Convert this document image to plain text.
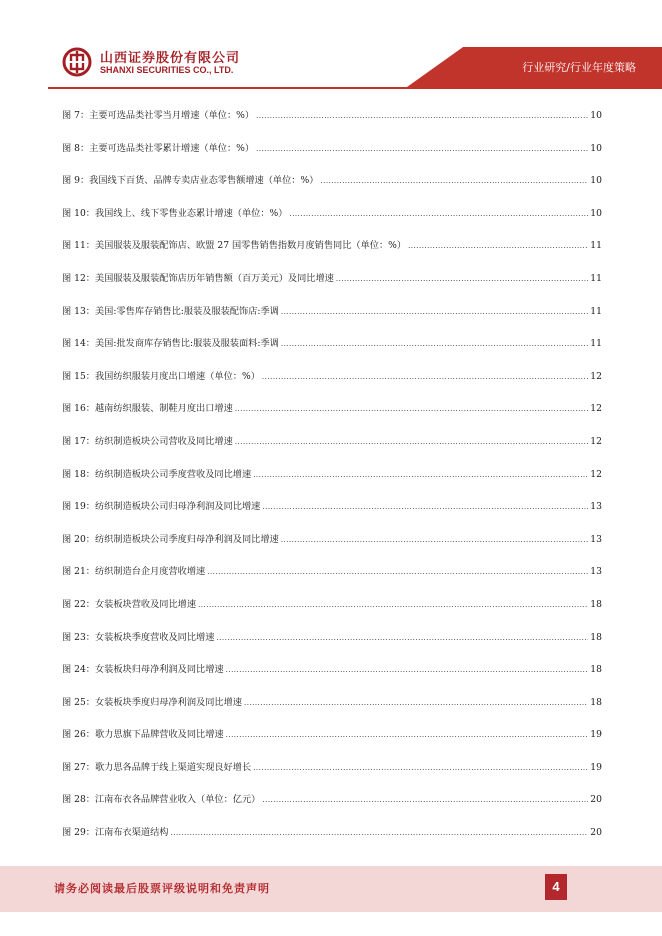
山西证券股份有限公司
SHANXI SECURITIES CO., LTD.	行业研究/行业年度策略
图 7： 主要可选品类社零当月增速（单位：%） .....	10
图 8： 主要可选品类社零累计增速（单位：%） .....	10
图 9： 我国线下百货、品牌专卖店业态零售额增速（单位：%） .....	10
图 10： 我国线上、线下零售业态累计增速（单位：%） .....	10
图 11： 美国服装及服装配饰店、欧盟 27 国零售销售指数月度销售同比（单位：%） .....	11
图 12： 美国服装及服装配饰店历年销售额（百万美元）及同比增速 .....	11
图 13： 美国:零售库存销售比:服装及服装配饰店:季调 .....	11
图 14： 美国:批发商库存销售比:服装及服装面料:季调 .....	11
图 15： 我国纺织服装月度出口增速（单位：%） .....	12
图 16： 越南纺织服装、制鞋月度出口增速 .....	12
图 17： 纺织制造板块公司营收及同比增速 .....	12
图 18： 纺织制造板块公司季度营收及同比增速 .....	12
图 19： 纺织制造板块公司归母净利润及同比增速 .....	13
图 20： 纺织制造板块公司季度归母净利润及同比增速 .....	13
图 21： 纺织制造台企月度营收增速 .....	13
图 22： 女装板块营收及同比增速 .....	18
图 23： 女装板块季度营收及同比增速 .....	18
图 24： 女装板块归母净利润及同比增速 .....	18
图 25： 女装板块季度归母净利润及同比增速 .....	18
图 26： 歌力思旗下品牌营收及同比增速 .....	19
图 27： 歌力思各品牌于线上渠道实现良好增长 .....	19
图 28： 江南布衣各品牌营业收入（单位：亿元） .....	20
图 29： 江南布衣渠道结构 .....	20
请务必阅读最后股票评级说明和免责声明	4
